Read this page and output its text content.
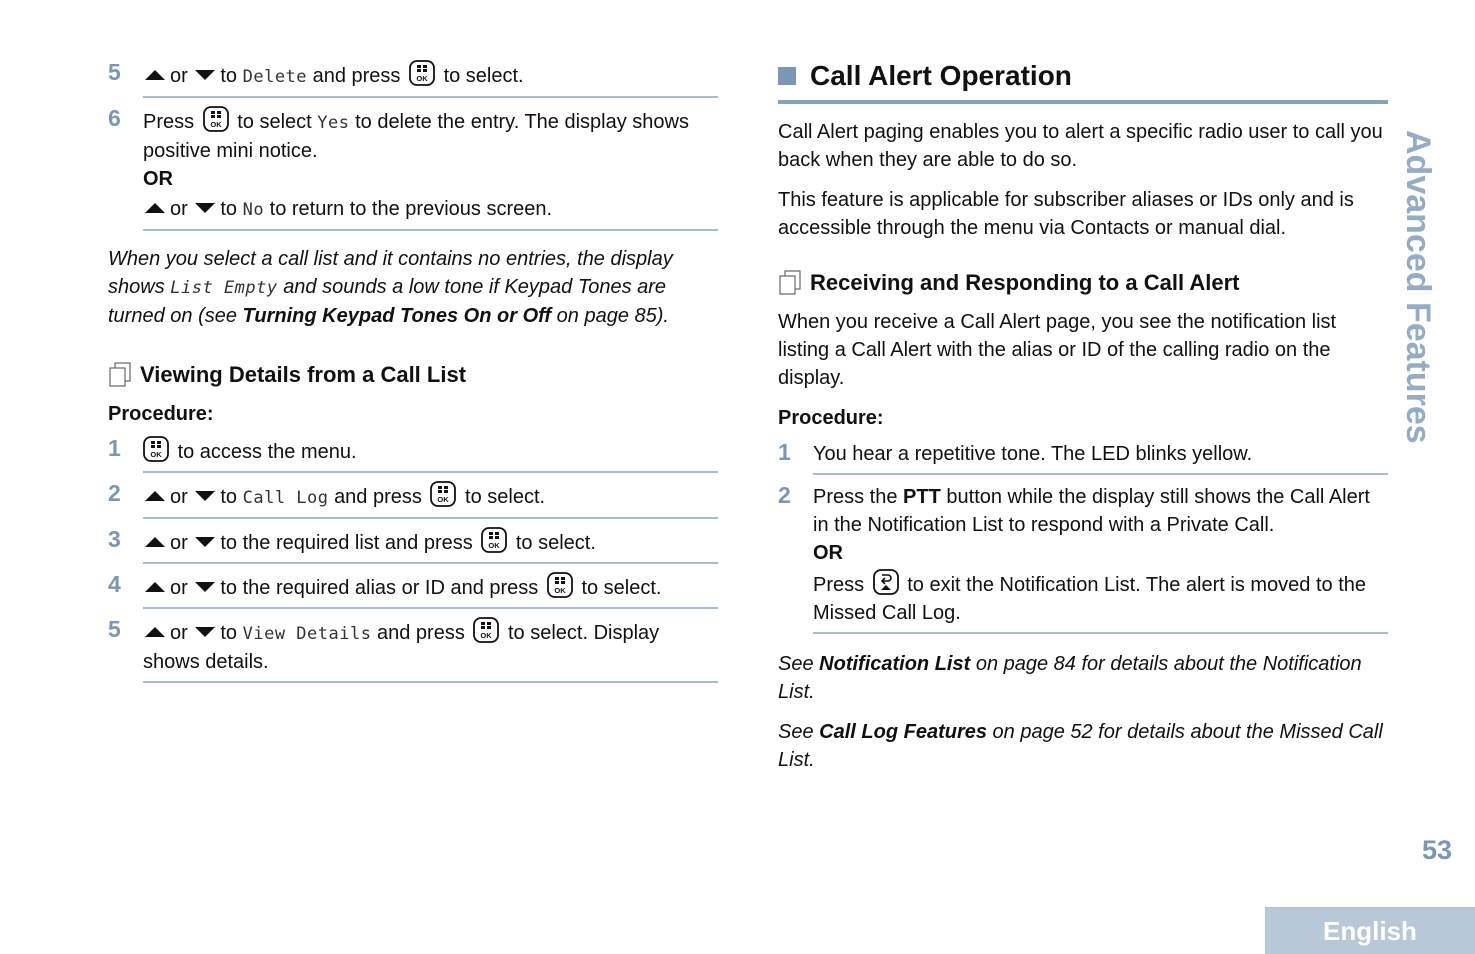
5	or to Delete and press to select.
6 Press to select Yes to delete the entry. The display shows positive mini notice.
OR
or to No to return to the previous screen.

When you select a call list and it contains no entries, the display shows List Empty and sounds a low tone if Keypad Tones are turned on (see Turning Keypad Tones On or Off on page 85).

Viewing Details from a Call List
Procedure:
1	to access the menu.
2	or to Call Log and press to select.
3	or to the required list and press to select.
4	or to the required alias or ID and press to select.
5	or to View Details and press to select. Display shows details.
Call Alert Operation

Call Alert paging enables you to alert a specific radio user to call you back when they are able to do so.

This feature is applicable for subscriber aliases or IDs only and is accessible through the menu via Contacts or manual dial.

Receiving and Responding to a Call Alert

When you receive a Call Alert page, you see the notification list listing a Call Alert with the alias or ID of the calling radio on the display.

Procedure:
1 You hear a repetitive tone. The LED blinks yellow.
2 Press the PTT button while the display still shows the Call Alert in the Notification List to respond with a Private Call.
OR
Press to exit the Notification List. The alert is moved to the Missed Call Log.

See Notification List on page 84 for details about the Notification List.

See Call Log Features on page 52 for details about the Missed Call List.

Advanced Features
53
English
